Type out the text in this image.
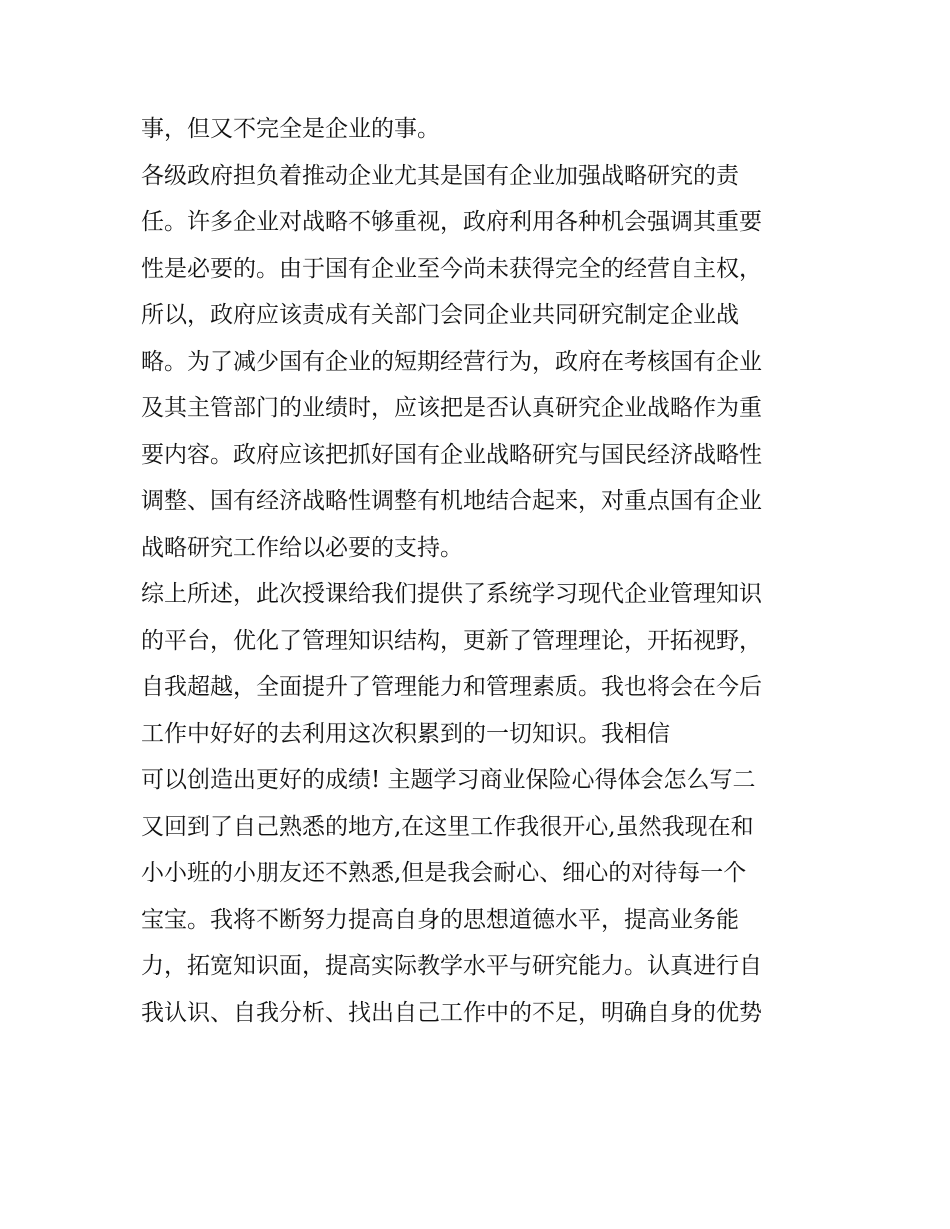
事，但又不完全是企业的事。
各级政府担负着推动企业尤其是国有企业加强战略研究的责
任。许多企业对战略不够重视，政府利用各种机会强调其重要
性是必要的。由于国有企业至今尚未获得完全的经营自主权，
所以，政府应该责成有关部门会同企业共同研究制定企业战
略。为了减少国有企业的短期经营行为，政府在考核国有企业
及其主管部门的业绩时，应该把是否认真研究企业战略作为重
要内容。政府应该把抓好国有企业战略研究与国民经济战略性
调整、国有经济战略性调整有机地结合起来，对重点国有企业
战略研究工作给以必要的支持。
综上所述，此次授课给我们提供了系统学习现代企业管理知识
的平台，优化了管理知识结构，更新了管理理论，开拓视野，
自我超越，全面提升了管理能力和管理素质。我也将会在今后
工作中好好的去利用这次积累到的一切知识。我相信
可以创造出更好的成绩! 主题学习商业保险心得体会怎么写二
又回到了自己熟悉的地方,在这里工作我很开心,虽然我现在和
小小班的小朋友还不熟悉,但是我会耐心、细心的对待每一个
宝宝。我将不断努力提高自身的思想道德水平，提高业务能
力，拓宽知识面，提高实际教学水平与研究能力。认真进行自
我认识、自我分析、找出自己工作中的不足，明确自身的优势
